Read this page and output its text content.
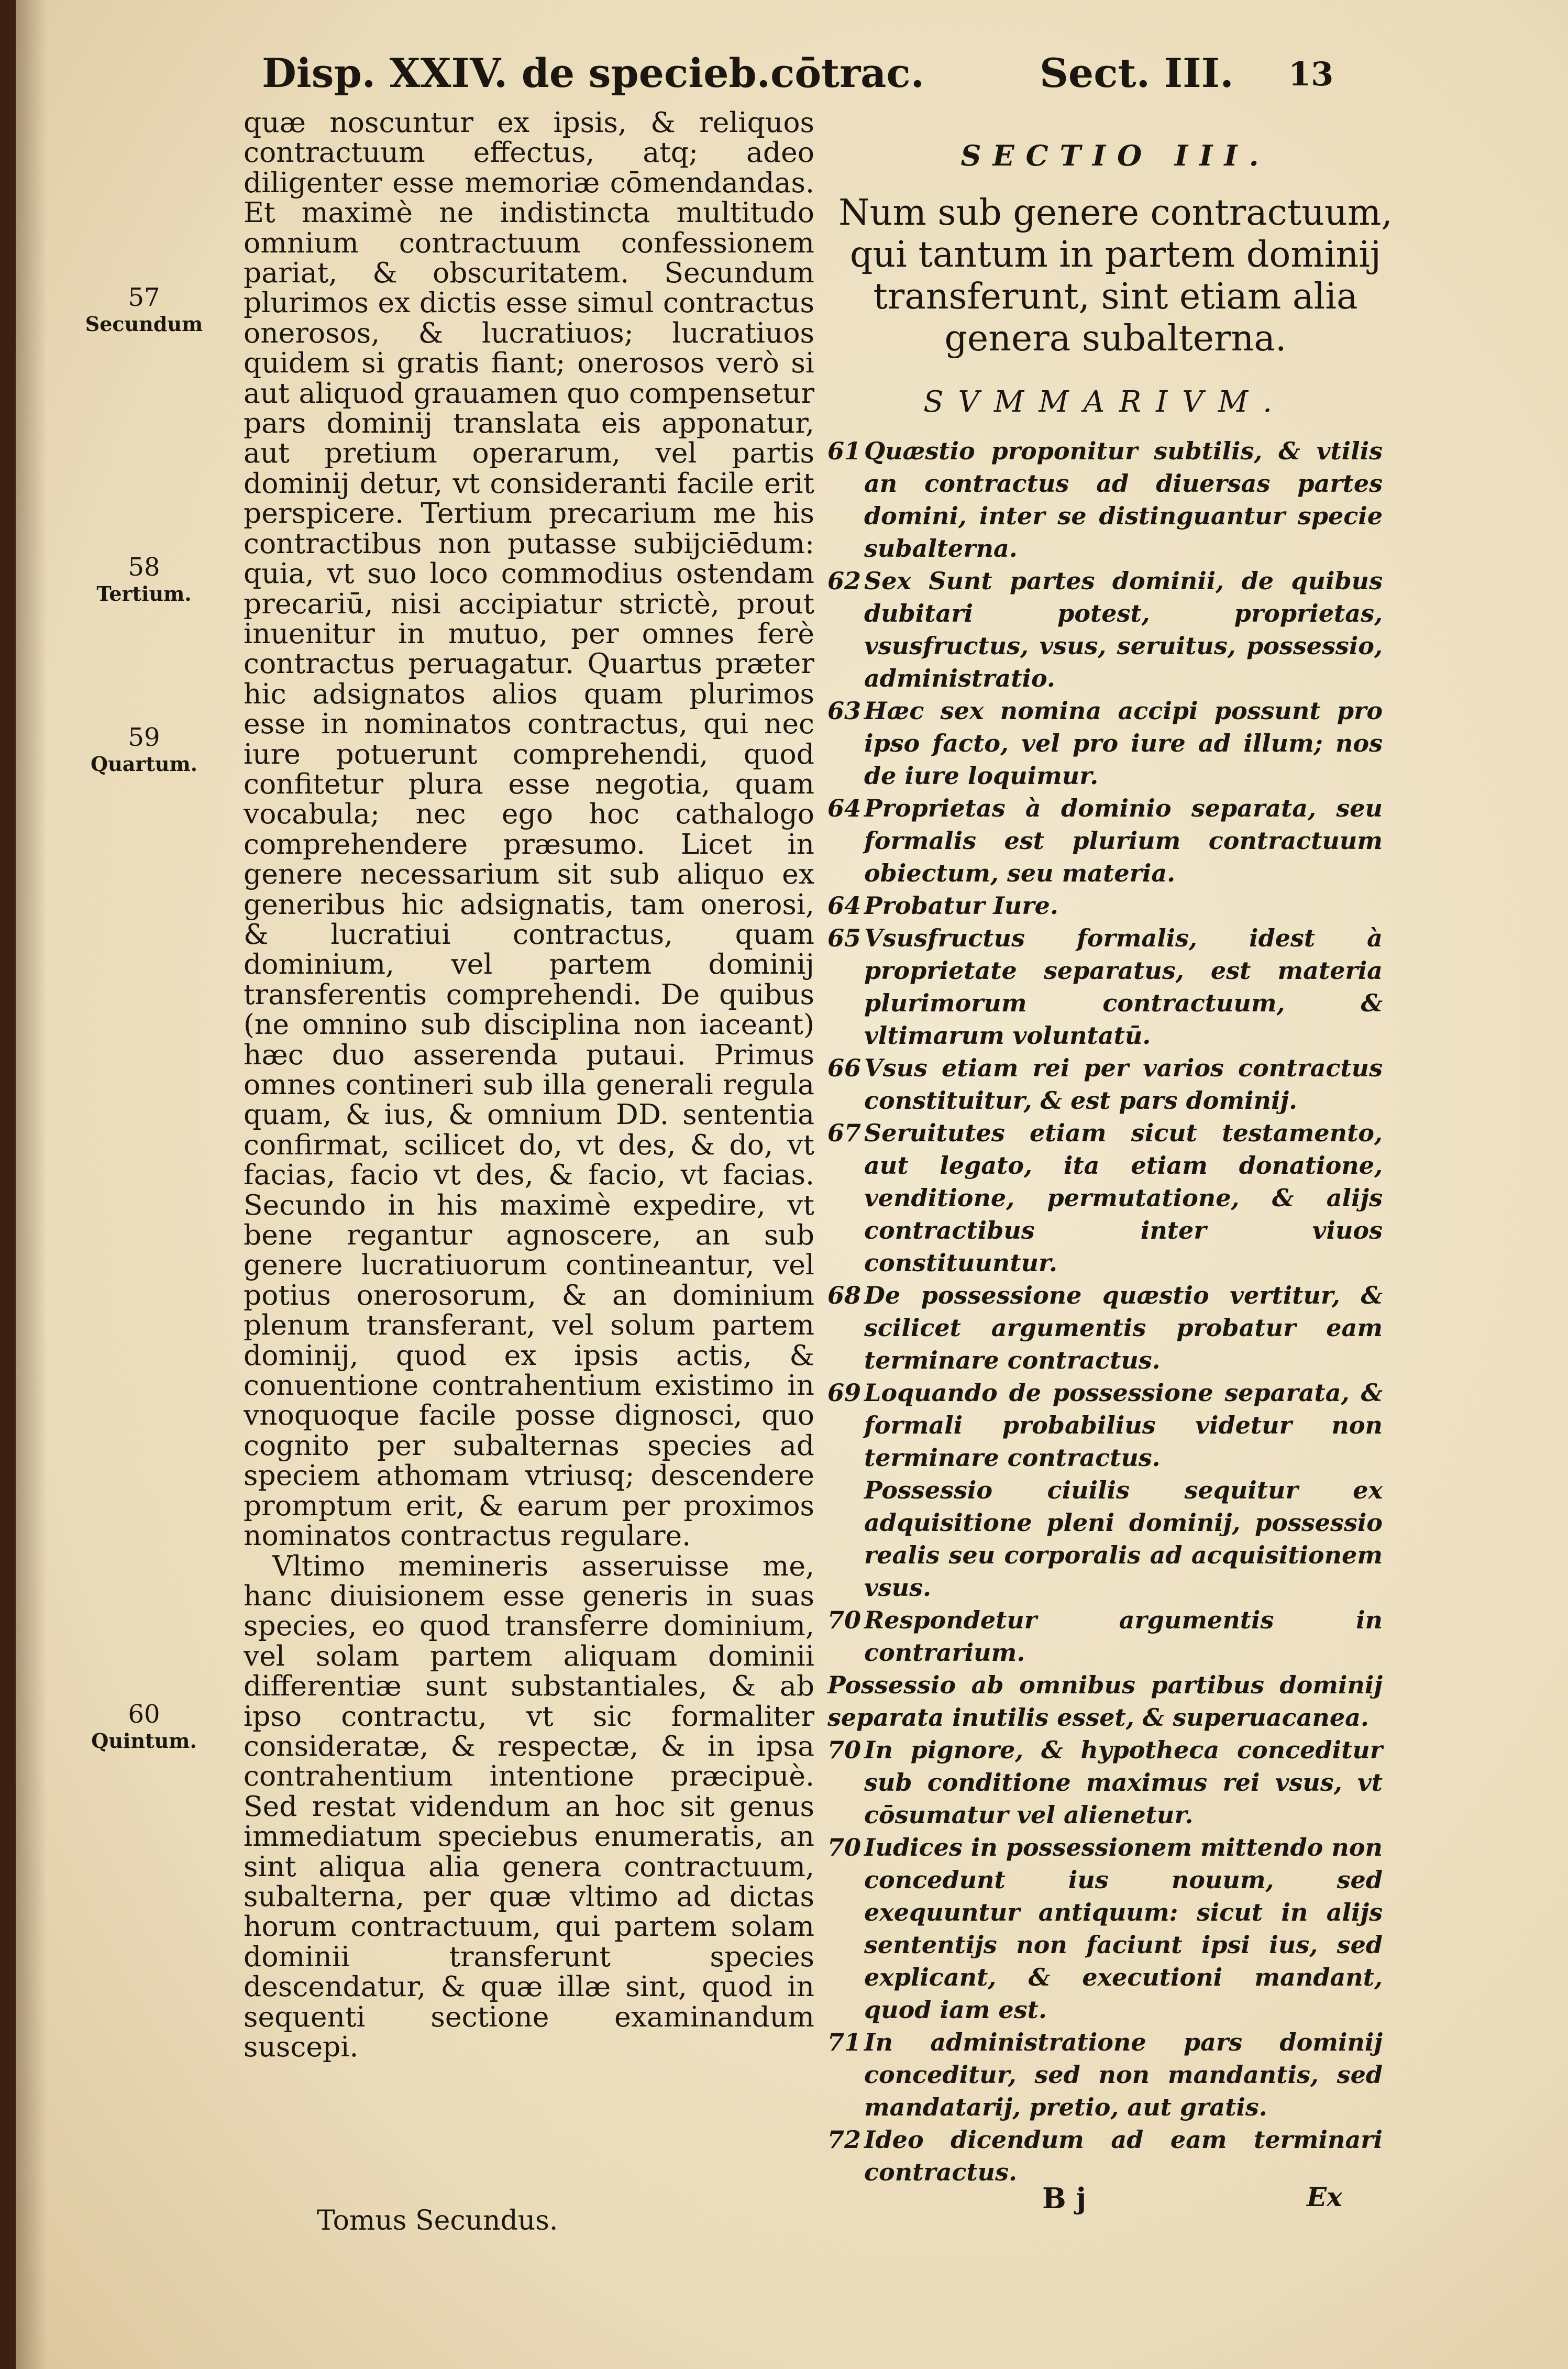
Disp. XXIV. de specieb.cōtrac.	Sect. III. 13
57
Secundum
58
Tertium.
59
Quartum.
60
Quintum.

quæ noscuntur ex ipsis, & reliquos contractuum effectus, atq; adeo diligenter esse memoriæ cōmendandas. Et maximè ne indistincta multitudo omnium contractuum confessionem pariat, & obscuritatem. Secundum plurimos ex dictis esse simul contractus onerosos, & lucratiuos; lucratiuos quidem si gratis fiant; onerosos verò si aut aliquod grauamen quo compensetur pars dominij translata eis apponatur, aut pretium operarum, vel partis dominij detur, vt consideranti facile erit perspicere. Tertium precarium me his contractibus non putasse subijciēdum: quia, vt suo loco commodius ostendam precariū, nisi accipiatur strictè, prout inuenitur in mutuo, per omnes ferè contractus peruagatur. Quartus præter hic adsignatos alios quam plurimos esse in nominatos contractus, qui nec iure potuerunt comprehendi, quod confitetur plura esse negotia, quam vocabula; nec ego hoc cathalogo comprehendere præsumo. Licet in genere necessarium sit sub aliquo ex generibus hic adsignatis, tam onerosi, & lucratiui contractus, quam dominium, vel partem dominij transferentis comprehendi. De quibus (ne omnino sub disciplina non iaceant) hæc duo asserenda putaui. Primus omnes contineri sub illa generali regula quam, & ius, & omnium DD. sententia confirmat, scilicet do, vt des, & do, vt facias, facio vt des, & facio, vt facias. Secundo in his maximè expedire, vt bene regantur agnoscere, an sub genere lucratiuorum contineantur, vel potius onerosorum, & an dominium plenum transferant, vel solum partem dominij, quod ex ipsis actis, & conuentione contrahentium existimo in vnoquoque facile posse dignosci, quo cognito per subalternas species ad speciem athomam vtriusq; descendere promptum erit, & earum per proximos nominatos contractus regulare.

Vltimo memineris asseruisse me, hanc diuisionem esse generis in suas species, eo quod transferre dominium, vel solam partem aliquam dominii differentiæ sunt substantiales, & ab ipso contractu, vt sic formaliter consideratæ, & respectæ, & in ipsa contrahentium intentione præcipuè. Sed restat videndum an hoc sit genus immediatum speciebus enumeratis, an sint aliqua alia genera contractuum, subalterna, per quæ vltimo ad dictas horum contractuum, qui partem solam dominii transferunt species descendatur, & quæ illæ sint, quod in sequenti sectione examinandum suscepi.

Tomus Secundus.
SECTIO III.
Num sub genere contractuum, qui tantum in partem dominij transferunt, sint etiam alia genera subalterna.
SVMMARIVM.
61 Quæstio proponitur subtilis, & vtilis an contractus ad diuersas partes domini, inter se distinguantur specie subalterna.
62 Sex Sunt partes dominii, de quibus dubitari potest, proprietas, vsusfructus, vsus, seruitus, possessio, administratio.
63 Hæc sex nomina accipi possunt pro ipso facto, vel pro iure ad illum; nos de iure loquimur.
64 Proprietas à dominio separata, seu formalis est plurium contractuum obiectum, seu materia.
64 Probatur Iure.
65 Vsusfructus formalis, idest à proprietate separatus, est materia plurimorum contractuum, & vltimarum voluntatū.
66 Vsus etiam rei per varios contractus constituitur, & est pars dominij.
67 Seruitutes etiam sicut testamento, aut legato, ita etiam donatione, venditione, permutatione, & alijs contractibus inter viuos constituuntur.
68 De possessione quæstio vertitur, & scilicet argumentis probatur eam terminare contractus.
69 Loquando de possessione separata, & formali probabilius videtur non terminare contractus.
Possessio ciuilis sequitur ex adquisitione pleni dominij, possessio realis seu corporalis ad acquisitionem vsus.
70 Respondetur argumentis in contrarium.
Possessio ab omnibus partibus dominij separata inutilis esset, & superuacanea.
70 In pignore, & hypotheca conceditur sub conditione maximus rei vsus, vt cōsumatur vel alienetur.
70 Iudices in possessionem mittendo non concedunt ius nouum, sed exequuntur antiquum: sicut in alijs sententijs non faciunt ipsi ius, sed explicant, & executioni mandant, quod iam est.
71 In administratione pars dominij conceditur, sed non mandantis, sed mandatarij, pretio, aut gratis.
72 Ideo dicendum ad eam terminari contractus.
B j	Ex
